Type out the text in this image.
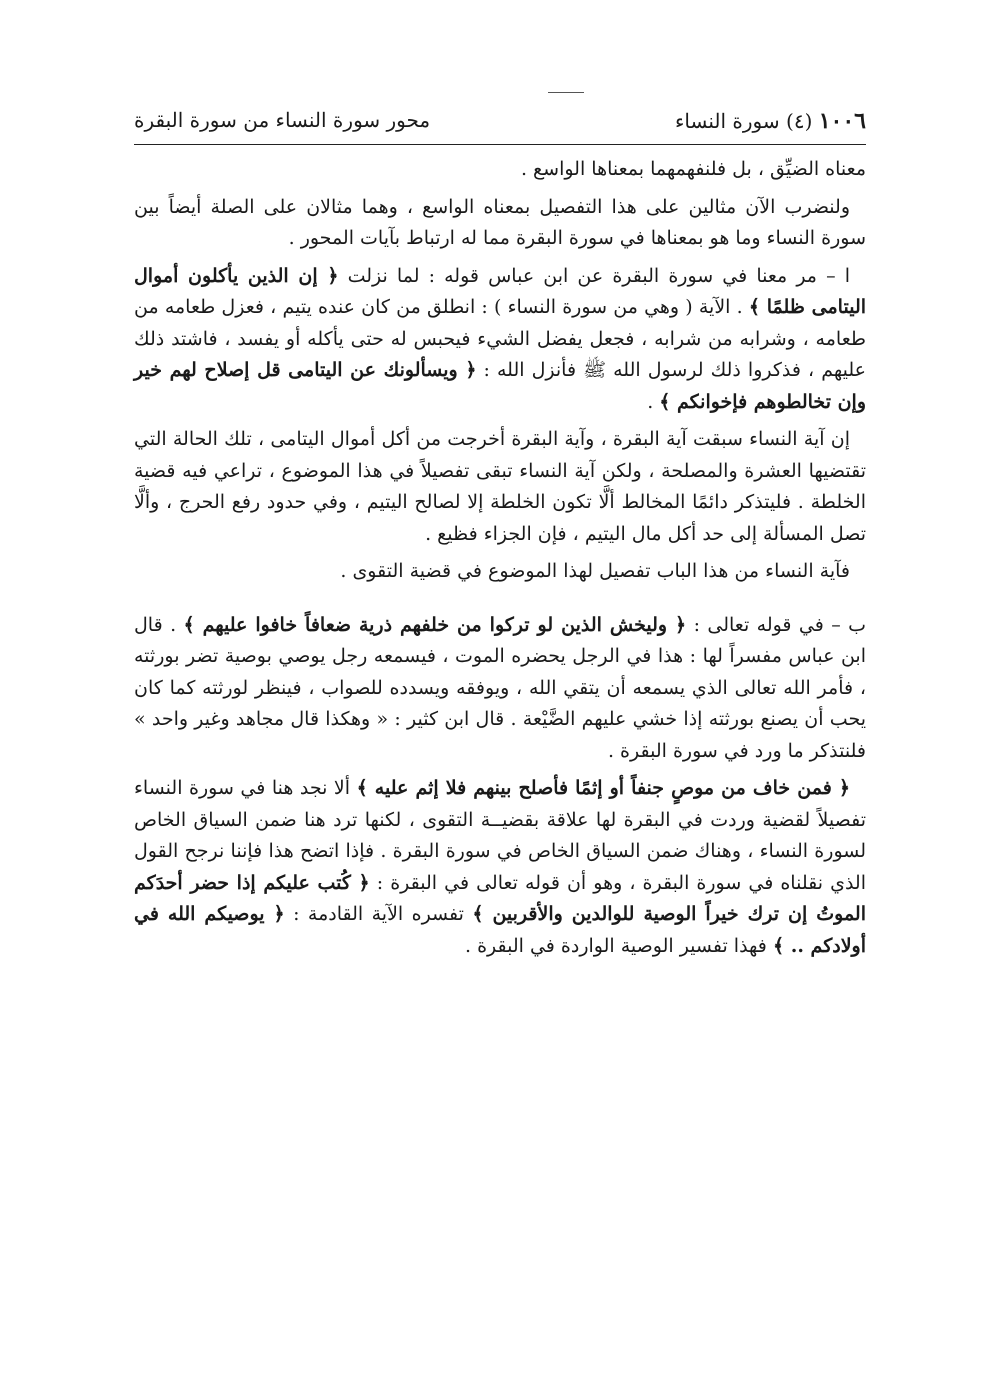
١٠٠٦ (٤) سورة النساء
محور سورة النساء من سورة البقرة

معناه الضيِّق ، بل فلنفهمهما بمعناها الواسع .

ولنضرب الآن مثالين على هذا التفصيل بمعناه الواسع ، وهما مثالان على الصلة أيضاً بين سورة النساء وما هو بمعناها في سورة البقرة مما له ارتباط بآيات المحور .

ا – مر معنا في سورة البقرة عن ابن عباس قوله : لما نزلت ﴿ إن الذين يأكلون أموال اليتامى ظلمًا ﴾ . الآية ( وهي من سورة النساء ) : انطلق من كان عنده يتيم ، فعزل طعامه من طعامه ، وشرابه من شرابه ، فجعل يفضل الشيء فيحبس له حتى يأكله أو يفسد ، فاشتد ذلك عليهم ، فذكروا ذلك لرسول الله ﷺ فأنزل الله : ﴿ ويسألونك عن اليتامى قل إصلاح لهم خير وإن تخالطوهم فإخوانكم ﴾ .

إن آية النساء سبقت آية البقرة ، وآية البقرة أخرجت من أكل أموال اليتامى ، تلك الحالة التي تقتضيها العشرة والمصلحة ، ولكن آية النساء تبقى تفصيلاً في هذا الموضوع ، تراعي فيه قضية الخلطة . فليتذكر دائمًا المخالط ألَّا تكون الخلطة إلا لصالح اليتيم ، وفي حدود رفع الحرج ، وألَّا تصل المسألة إلى حد أكل مال اليتيم ، فإن الجزاء فظيع .

فآية النساء من هذا الباب تفصيل لهذا الموضوع في قضية التقوى .

ب – في قوله تعالى : ﴿ وليخش الذين لو تركوا من خلفهم ذرية ضعافاً خافوا عليهم ﴾ . قال ابن عباس مفسراً لها : هذا في الرجل يحضره الموت ، فيسمعه رجل يوصي بوصية تضر بورثته ، فأمر الله تعالى الذي يسمعه أن يتقي الله ، ويوفقه ويسدده للصواب ، فينظر لورثته كما كان يحب أن يصنع بورثته إذا خشي عليهم الضَّيْعة . قال ابن كثير : « وهكذا قال مجاهد وغير واحد » فلنتذكر ما ورد في سورة البقرة .

﴿ فمن خاف من موصٍ جنفاً أو إثمًا فأصلح بينهم فلا إثم عليه ﴾ ألا نجد هنا في سورة النساء تفصيلاً لقضية وردت في البقرة لها علاقة بقضيــة التقوى ، لكنها ترد هنا ضمن السياق الخاص لسورة النساء ، وهناك ضمن السياق الخاص في سورة البقرة . فإذا اتضح هذا فإننا نرجح القول الذي نقلناه في سورة البقرة ، وهو أن قوله تعالى في البقرة : ﴿ كُتب عليكم إذا حضر أحدَكم الموتُ إن ترك خيراً الوصية للوالدين والأقربين ﴾ تفسره الآية القادمة : ﴿ يوصيكم الله في أولادكم .. ﴾ فهذا تفسير الوصية الواردة في البقرة .
